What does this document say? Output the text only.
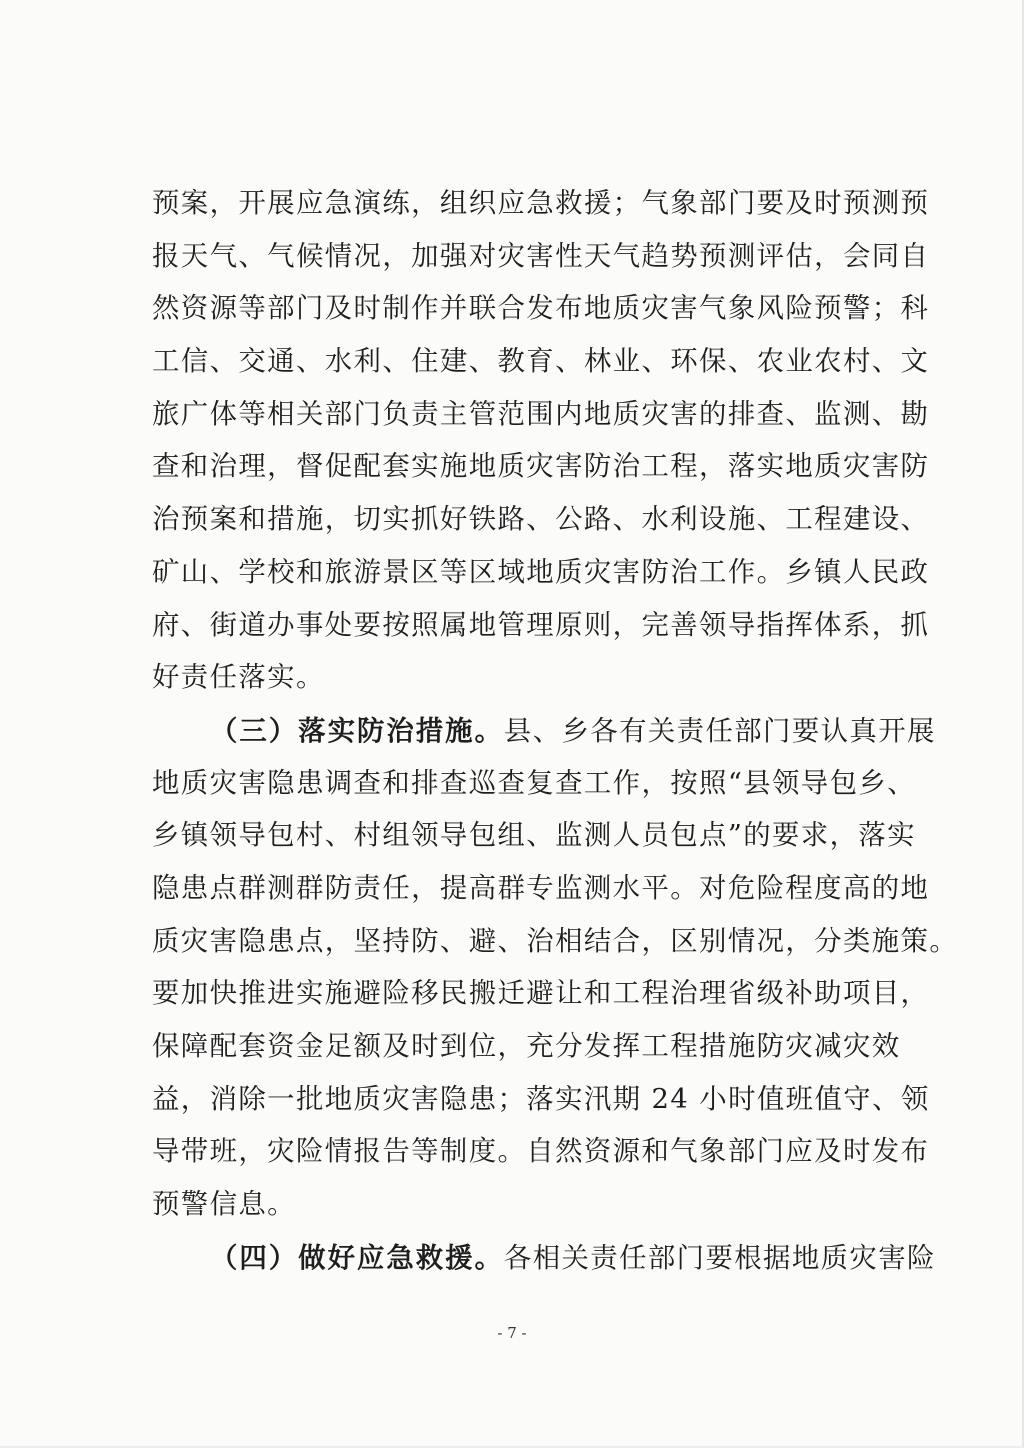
预案，开展应急演练，组织应急救援；气象部门要及时预测预
报天气、气候情况，加强对灾害性天气趋势预测评估，会同自
然资源等部门及时制作并联合发布地质灾害气象风险预警；科
工信、交通、水利、住建、教育、林业、环保、农业农村、文
旅广体等相关部门负责主管范围内地质灾害的排查、监测、勘
查和治理，督促配套实施地质灾害防治工程，落实地质灾害防
治预案和措施，切实抓好铁路、公路、水利设施、工程建设、
矿山、学校和旅游景区等区域地质灾害防治工作。乡镇人民政
府、街道办事处要按照属地管理原则，完善领导指挥体系，抓
好责任落实。
（三）落实防治措施。县、乡各有关责任部门要认真开展
地质灾害隐患调查和排查巡查复查工作，按照“县领导包乡、
乡镇领导包村、村组领导包组、监测人员包点”的要求，落实
隐患点群测群防责任，提高群专监测水平。对危险程度高的地
质灾害隐患点，坚持防、避、治相结合，区别情况，分类施策。
要加快推进实施避险移民搬迁避让和工程治理省级补助项目，
保障配套资金足额及时到位，充分发挥工程措施防灾减灾效
益，消除一批地质灾害隐患；落实汛期 24 小时值班值守、领
导带班，灾险情报告等制度。自然资源和气象部门应及时发布
预警信息。
（四）做好应急救援。各相关责任部门要根据地质灾害险
- 7 -
